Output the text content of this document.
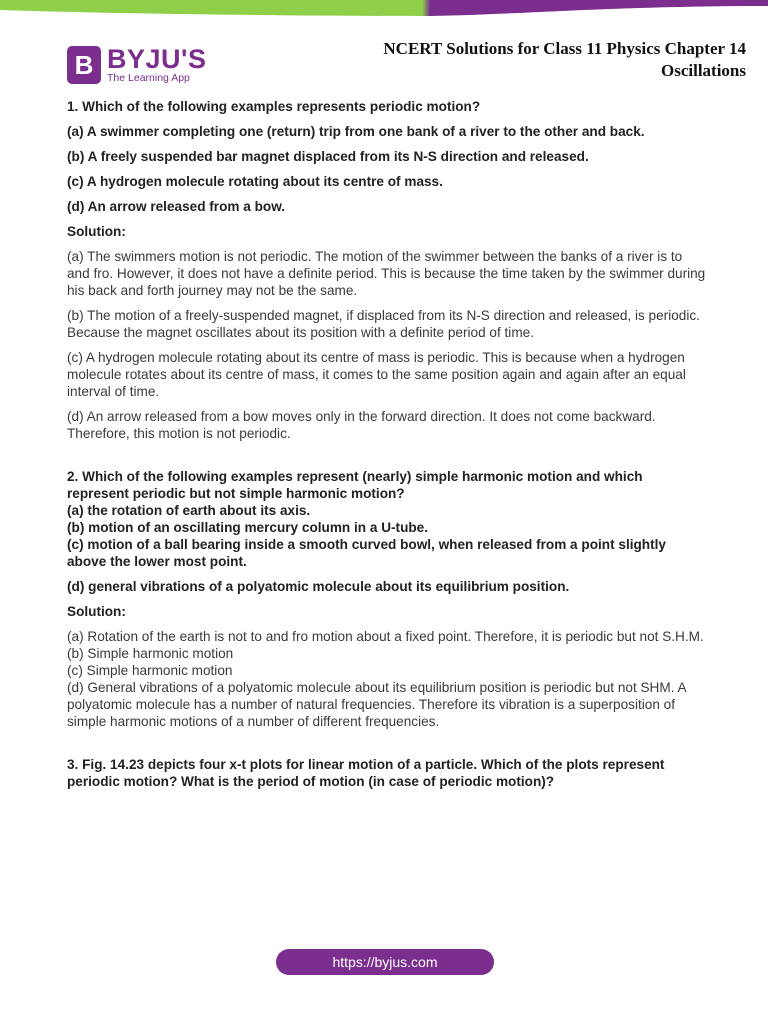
B BYJU'S
The Learning App
NCERT Solutions for Class 11 Physics Chapter 14
Oscillations
1. Which of the following examples represents periodic motion?
(a) A swimmer completing one (return) trip from one bank of a river to the other and back.
(b) A freely suspended bar magnet displaced from its N-S direction and released.
(c) A hydrogen molecule rotating about its centre of mass.
(d) An arrow released from a bow.
Solution:
(a) The swimmers motion is not periodic. The motion of the swimmer between the banks of a river is to and fro. However, it does not have a definite period. This is because the time taken by the swimmer during his back and forth journey may not be the same.
(b) The motion of a freely-suspended magnet, if displaced from its N-S direction and released, is periodic. Because the magnet oscillates about its position with a definite period of time.
(c) A hydrogen molecule rotating about its centre of mass is periodic. This is because when a hydrogen molecule rotates about its centre of mass, it comes to the same position again and again after an equal interval of time.
(d) An arrow released from a bow moves only in the forward direction. It does not come backward. Therefore, this motion is not periodic.
2. Which of the following examples represent (nearly) simple harmonic motion and which represent periodic but not simple harmonic motion?
(a) the rotation of earth about its axis.
(b) motion of an oscillating mercury column in a U-tube.
(c) motion of a ball bearing inside a smooth curved bowl, when released from a point slightly above the lower most point.
(d) general vibrations of a polyatomic molecule about its equilibrium position.
Solution:
(a) Rotation of the earth is not to and fro motion about a fixed point. Therefore, it is periodic but not S.H.M.
(b) Simple harmonic motion
(c) Simple harmonic motion
(d) General vibrations of a polyatomic molecule about its equilibrium position is periodic but not SHM. A polyatomic molecule has a number of natural frequencies. Therefore its vibration is a superposition of simple harmonic motions of a number of different frequencies.
3. Fig. 14.23 depicts four x-t plots for linear motion of a particle. Which of the plots represent periodic motion? What is the period of motion (in case of periodic motion)?
https://byjus.com
